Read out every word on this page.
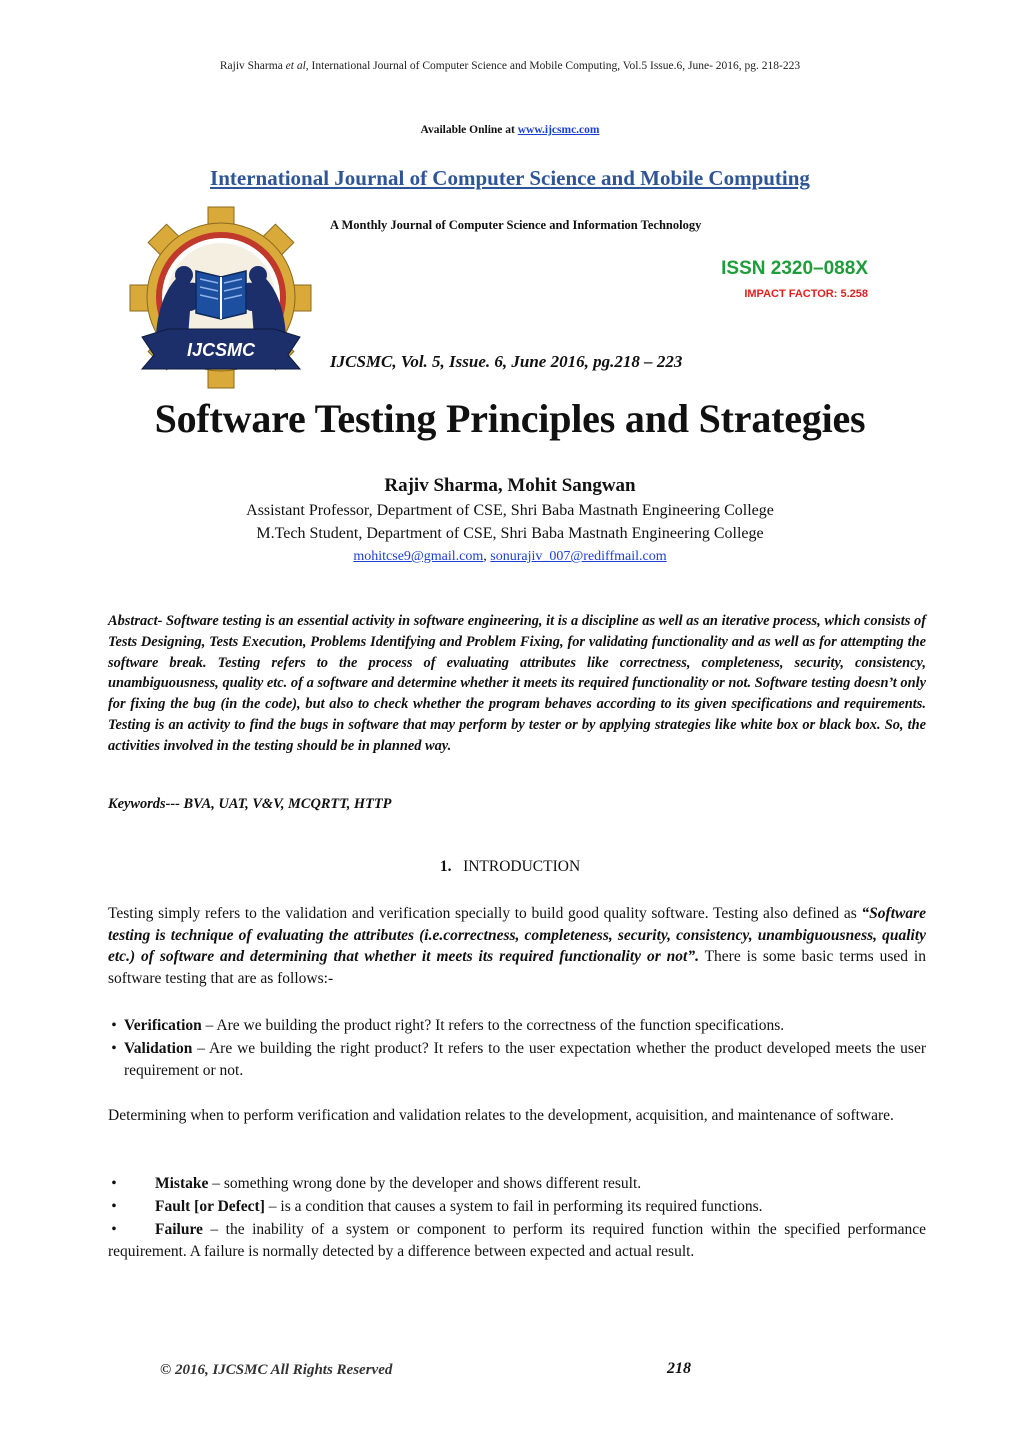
Rajiv Sharma et al, International Journal of Computer Science and Mobile Computing, Vol.5 Issue.6, June- 2016, pg. 218-223
Available Online at www.ijcsmc.com
International Journal of Computer Science and Mobile Computing
IJCSMC
A Monthly Journal of Computer Science and Information Technology
ISSN 2320–088X
IMPACT FACTOR: 5.258
IJCSMC, Vol. 5, Issue. 6, June 2016, pg.218 – 223
Software Testing Principles and Strategies
Rajiv Sharma, Mohit Sangwan
Assistant Professor, Department of CSE, Shri Baba Mastnath Engineering College
M.Tech Student, Department of CSE, Shri Baba Mastnath Engineering College
mohitcse9@gmail.com, sonurajiv_007@rediffmail.com
Abstract- Software testing is an essential activity in software engineering, it is a discipline as well as an iterative process, which consists of Tests Designing, Tests Execution, Problems Identifying and Problem Fixing, for validating functionality and as well as for attempting the software break. Testing refers to the process of evaluating attributes like correctness, completeness, security, consistency, unambiguousness, quality etc. of a software and determine whether it meets its required functionality or not. Software testing doesn’t only for fixing the bug (in the code), but also to check whether the program behaves according to its given specifications and requirements. Testing is an activity to find the bugs in software that may perform by tester or by applying strategies like white box or black box. So, the activities involved in the testing should be in planned way.
Keywords--- BVA, UAT, V&V, MCQRTT, HTTP
1. INTRODUCTION
Testing simply refers to the validation and verification specially to build good quality software. Testing also defined as “Software testing is technique of evaluating the attributes (i.e.correctness, completeness, security, consistency, unambiguousness, quality etc.) of software and determining that whether it meets its required functionality or not”. There is some basic terms used in software testing that are as follows:-
• Verification – Are we building the product right? It refers to the correctness of the function specifications.
• Validation – Are we building the right product? It refers to the user expectation whether the product developed meets the user requirement or not.
Determining when to perform verification and validation relates to the development, acquisition, and maintenance of software.
•	Mistake – something wrong done by the developer and shows different result.
•	Fault [or Defect] – is a condition that causes a system to fail in performing its required functions.
•	Failure – the inability of a system or component to perform its required function within the specified performance requirement. A failure is normally detected by a difference between expected and actual result.
© 2016, IJCSMC All Rights Reserved	218
